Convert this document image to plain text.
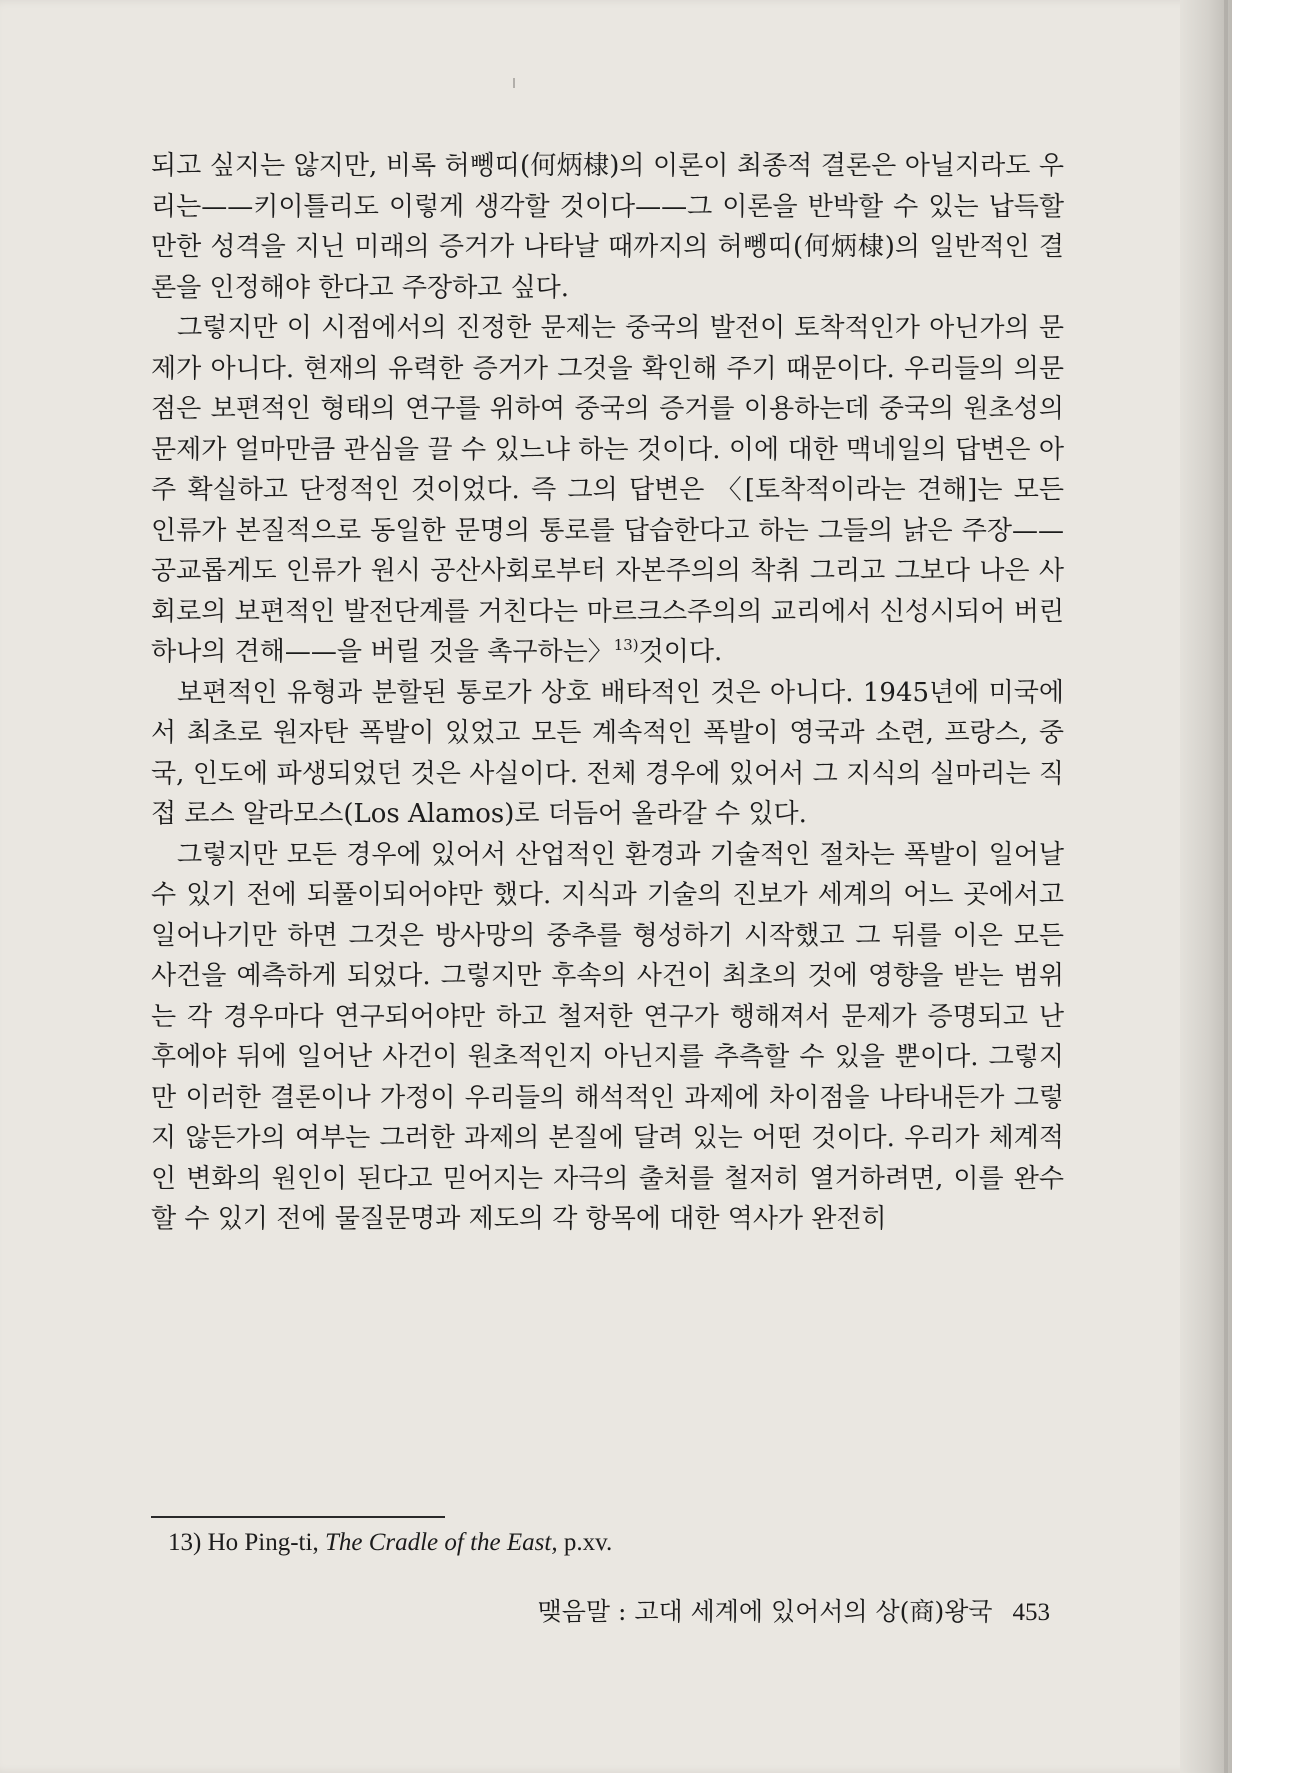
되고 싶지는 않지만, 비록 허뼁띠(何炳棣)의 이론이 최종적 결론은 아닐지라도 우리는——키이틀리도 이렇게 생각할 것이다——그 이론을 반박할 수 있는 납득할 만한 성격을 지닌 미래의 증거가 나타날 때까지의 허뼁띠(何炳棣)의 일반적인 결론을 인정해야 한다고 주장하고 싶다.

그렇지만 이 시점에서의 진정한 문제는 중국의 발전이 토착적인가 아닌가의 문제가 아니다. 현재의 유력한 증거가 그것을 확인해 주기 때문이다. 우리들의 의문점은 보편적인 형태의 연구를 위하여 중국의 증거를 이용하는데 중국의 원초성의 문제가 얼마만큼 관심을 끌 수 있느냐 하는 것이다. 이에 대한 맥네일의 답변은 아주 확실하고 단정적인 것이었다. 즉 그의 답변은 〈[토착적이라는 견해]는 모든 인류가 본질적으로 동일한 문명의 통로를 답습한다고 하는 그들의 낡은 주장——공교롭게도 인류가 원시 공산사회로부터 자본주의의 착취 그리고 그보다 나은 사회로의 보편적인 발전단계를 거친다는 마르크스주의의 교리에서 신성시되어 버린 하나의 견해——을 버릴 것을 촉구하는〉$^{13)}$것이다.

보편적인 유형과 분할된 통로가 상호 배타적인 것은 아니다. 1945년에 미국에서 최초로 원자탄 폭발이 있었고 모든 계속적인 폭발이 영국과 소련, 프랑스, 중국, 인도에 파생되었던 것은 사실이다. 전체 경우에 있어서 그 지식의 실마리는 직접 로스 알라모스(Los Alamos)로 더듬어 올라갈 수 있다.

그렇지만 모든 경우에 있어서 산업적인 환경과 기술적인 절차는 폭발이 일어날 수 있기 전에 되풀이되어야만 했다. 지식과 기술의 진보가 세계의 어느 곳에서고 일어나기만 하면 그것은 방사망의 중추를 형성하기 시작했고 그 뒤를 이은 모든 사건을 예측하게 되었다. 그렇지만 후속의 사건이 최초의 것에 영향을 받는 범위는 각 경우마다 연구되어야만 하고 철저한 연구가 행해져서 문제가 증명되고 난 후에야 뒤에 일어난 사건이 원초적인지 아닌지를 추측할 수 있을 뿐이다. 그렇지만 이러한 결론이나 가정이 우리들의 해석적인 과제에 차이점을 나타내든가 그렇지 않든가의 여부는 그러한 과제의 본질에 달려 있는 어떤 것이다. 우리가 체계적인 변화의 원인이 된다고 믿어지는 자극의 출처를 철저히 열거하려면, 이를 완수할 수 있기 전에 물질문명과 제도의 각 항목에 대한 역사가 완전히

13) Ho Ping-ti, The Cradle of the East, p.xv.

맺음말 : 고대 세계에 있어서의 상(商)왕국 453
